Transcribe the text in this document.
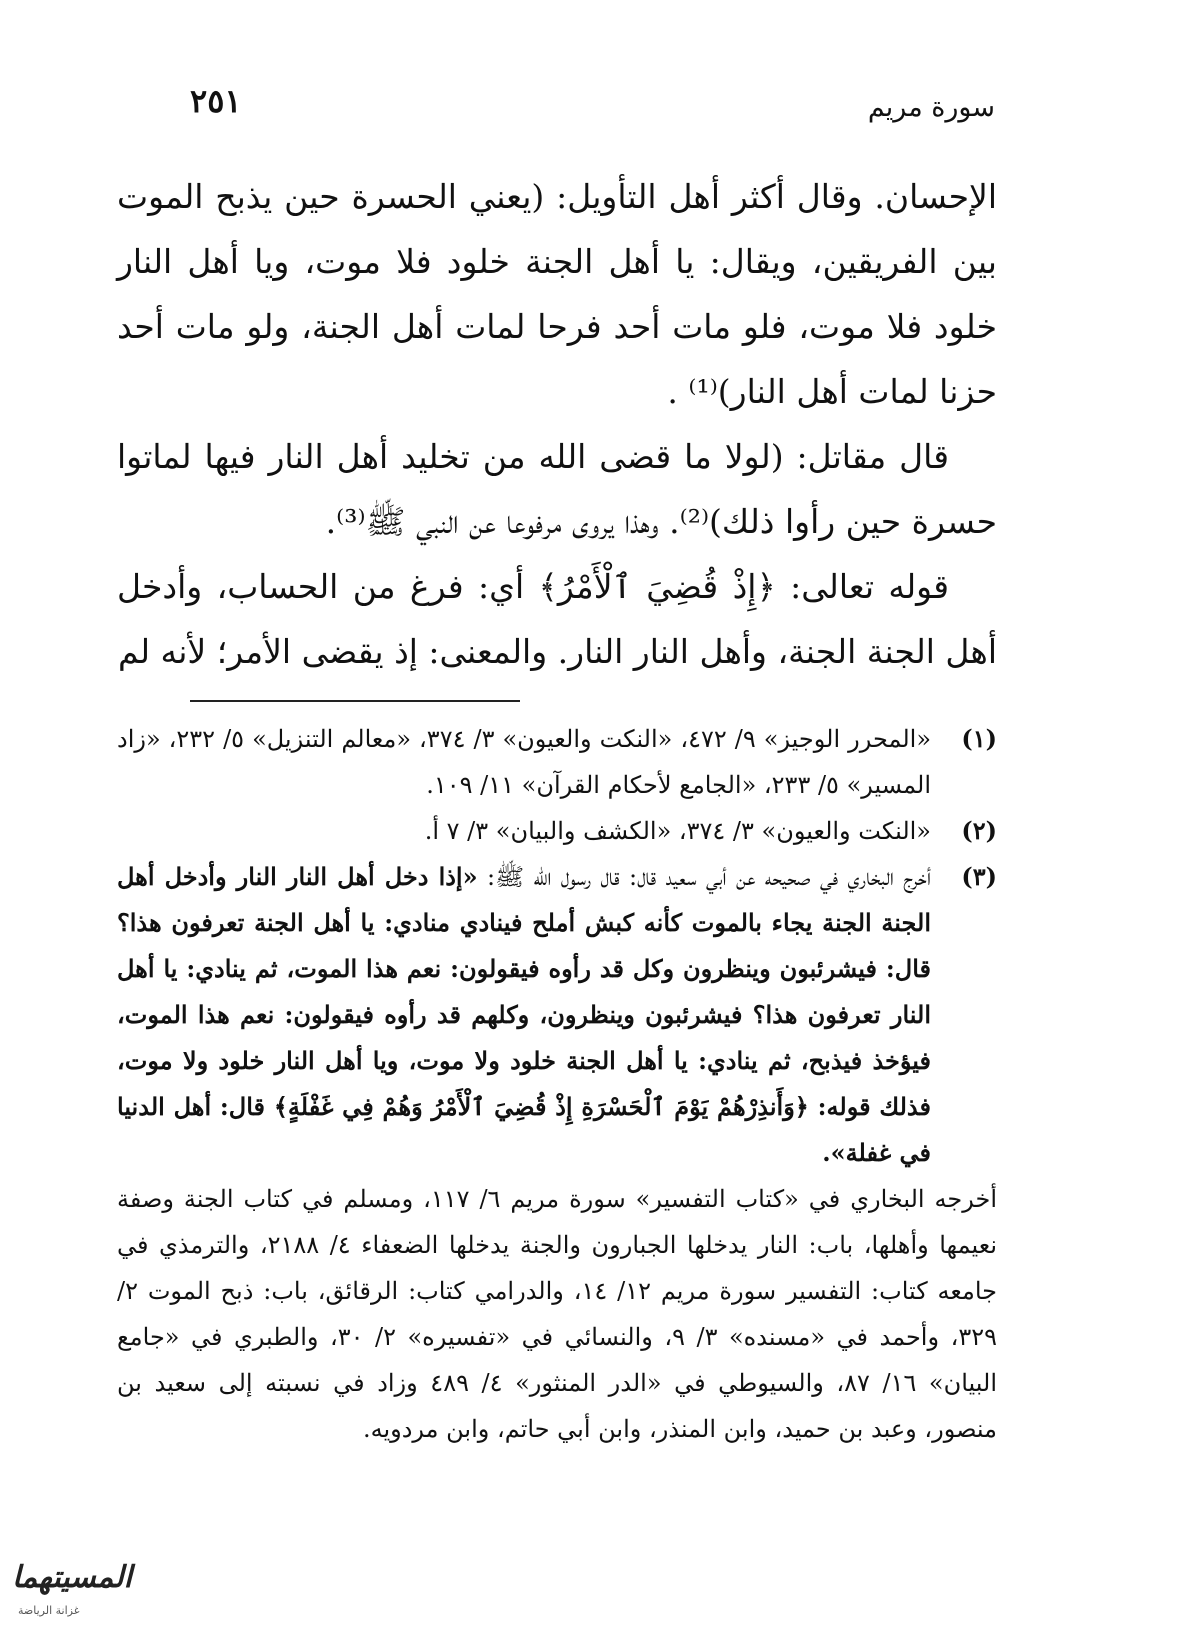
سورة مريم
٢٥١

الإحسان. وقال أكثر أهل التأويل: (يعني الحسرة حين يذبح الموت بين الفريقين، ويقال: يا أهل الجنة خلود فلا موت، ويا أهل النار خلود فلا موت، فلو مات أحد فرحا لمات أهل الجنة، ولو مات أحد حزنا لمات أهل النار)⁽¹⁾ .

قال مقاتل: (لولا ما قضى الله من تخليد أهل النار فيها لماتوا حسرة حين رأوا ذلك)⁽²⁾. وهذا يروى مرفوعا عن النبي ﷺ⁽³⁾.

قوله تعالى: ﴿إِذْ قُضِيَ ٱلْأَمْرُ﴾ أي: فرغ من الحساب، وأدخل أهل الجنة الجنة، وأهل النار النار. والمعنى: إذ يقضى الأمر؛ لأنه لم

(١)
«المحرر الوجيز» ٩/ ٤٧٢، «النكت والعيون» ٣/ ٣٧٤، «معالم التنزيل» ٥/ ٢٣٢، «زاد المسير» ٥/ ٢٣٣، «الجامع لأحكام القرآن» ١١/ ١٠٩.
(٢)
«النكت والعيون» ٣/ ٣٧٤، «الكشف والبيان» ٣/ ٧ أ.
(٣)
أخرج البخاري في صحيحه عن أبي سعيد قال: قال رسول الله ﷺ: «إذا دخل أهل النار النار وأدخل أهل الجنة الجنة يجاء بالموت كأنه كبش أملح فينادي منادي: يا أهل الجنة تعرفون هذا؟ قال: فيشرئبون وينظرون وكل قد رأوه فيقولون: نعم هذا الموت، ثم ينادي: يا أهل النار تعرفون هذا؟ فيشرئبون وينظرون، وكلهم قد رأوه فيقولون: نعم هذا الموت، فيؤخذ فيذبح، ثم ينادي: يا أهل الجنة خلود ولا موت، ويا أهل النار خلود ولا موت، فذلك قوله: ﴿وَأَنذِرْهُمْ يَوْمَ ٱلْحَسْرَةِ إِذْ قُضِيَ ٱلْأَمْرُ وَهُمْ فِي غَفْلَةٍ﴾ قال: أهل الدنيا في غفلة».
أخرجه البخاري في «كتاب التفسير» سورة مريم ٦/ ١١٧، ومسلم في كتاب الجنة وصفة نعيمها وأهلها، باب: النار يدخلها الجبارون والجنة يدخلها الضعفاء ٤/ ٢١٨٨، والترمذي في جامعه كتاب: التفسير سورة مريم ١٢/ ١٤، والدرامي كتاب: الرقائق، باب: ذبح الموت ٢/ ٣٢٩، وأحمد في «مسنده» ٣/ ٩، والنسائي في «تفسيره» ٢/ ٣٠، والطبري في «جامع البيان» ١٦/ ٨٧، والسيوطي في «الدر المنثور» ٤/ ٤٨٩ وزاد في نسبته إلى سعيد بن منصور، وعبد بن حميد، وابن المنذر، وابن أبي حاتم، وابن مردويه.
المسيتهما
غزانة الرياضة
